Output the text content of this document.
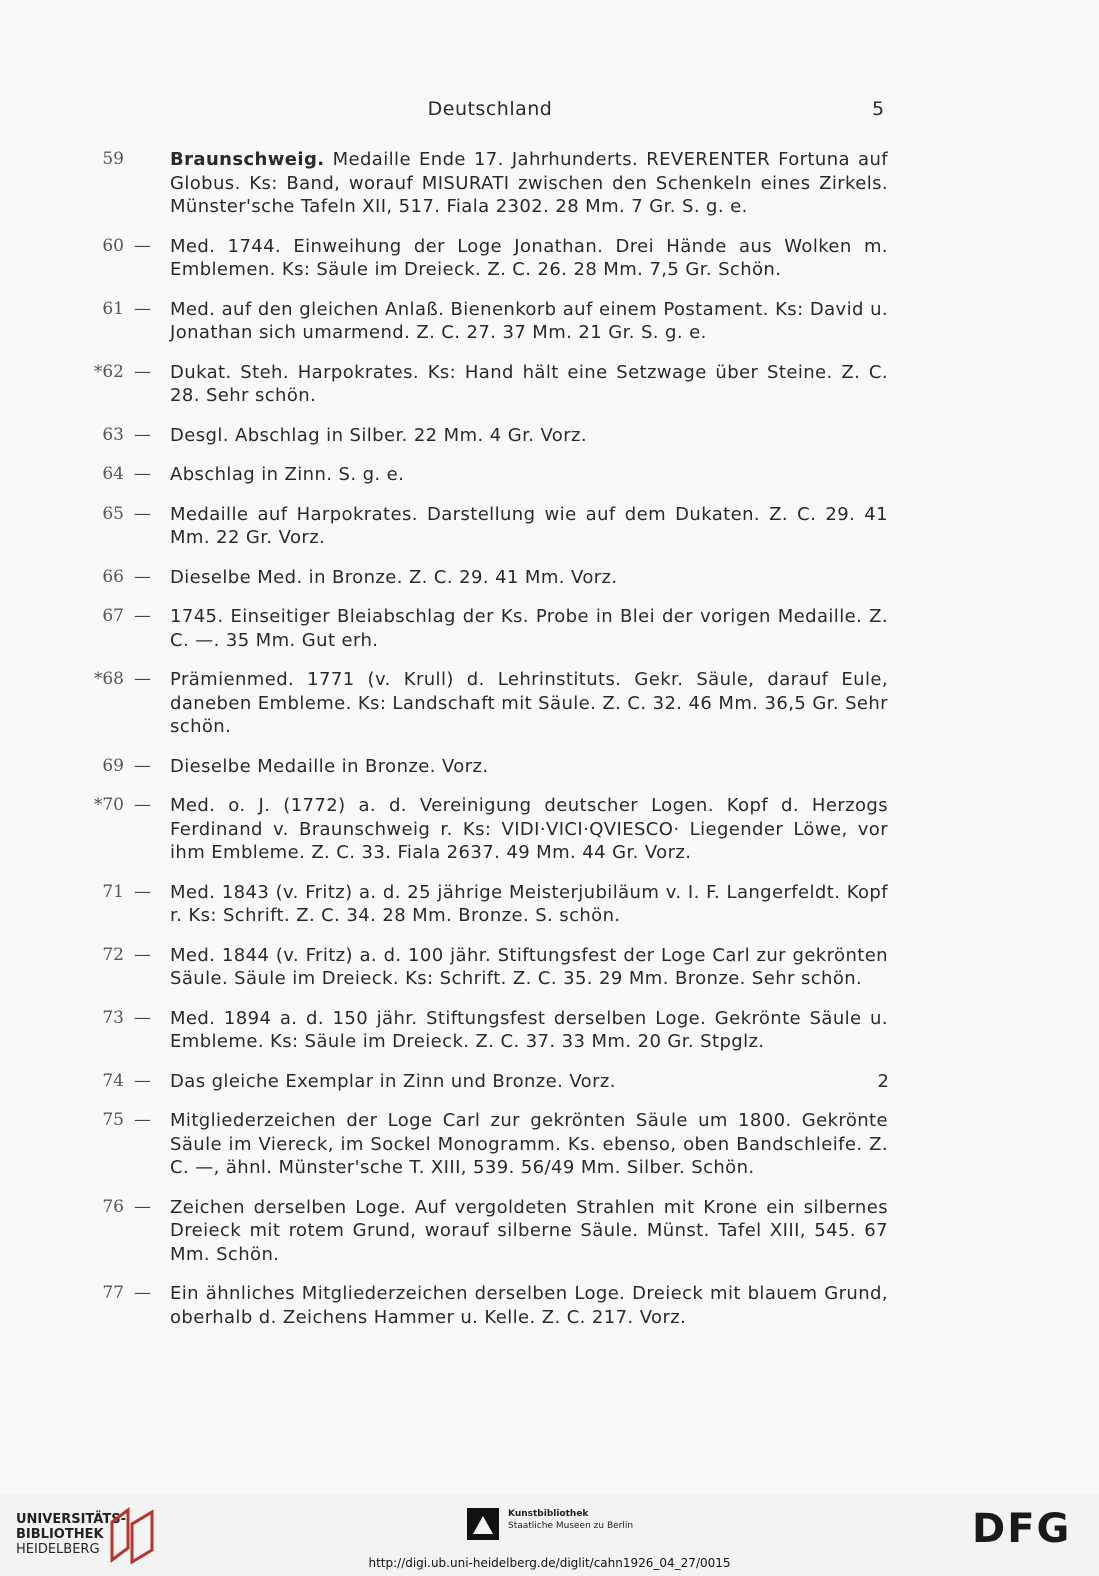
Deutschland	5
59	Braunschweig. Medaille Ende 17. Jahrhunderts. REVERENTER Fortuna auf Globus. Ks: Band, worauf MISURATI zwischen den Schenkeln eines Zirkels. Münster'sche Tafeln XII, 517. Fiala 2302. 28 Mm. 7 Gr. S. g. e.
60 —	Med. 1744. Einweihung der Loge Jonathan. Drei Hände aus Wolken m. Emblemen. Ks: Säule im Dreieck. Z. C. 26. 28 Mm. 7,5 Gr. Schön.
61 —	Med. auf den gleichen Anlaß. Bienenkorb auf einem Postament. Ks: David u. Jonathan sich umarmend. Z. C. 27. 37 Mm. 21 Gr. S. g. e.
*62 —	Dukat. Steh. Harpokrates. Ks: Hand hält eine Setzwage über Steine. Z. C. 28. Sehr schön.
63 —	Desgl. Abschlag in Silber. 22 Mm. 4 Gr. Vorz.
64 —	Abschlag in Zinn. S. g. e.
65 —	Medaille auf Harpokrates. Darstellung wie auf dem Dukaten. Z. C. 29. 41 Mm. 22 Gr. Vorz.
66 —	Dieselbe Med. in Bronze. Z. C. 29. 41 Mm. Vorz.
67 —	1745. Einseitiger Bleiabschlag der Ks. Probe in Blei der vorigen Medaille. Z. C. —. 35 Mm. Gut erh.
*68 —	Prämienmed. 1771 (v. Krull) d. Lehrinstituts. Gekr. Säule, darauf Eule, daneben Embleme. Ks: Landschaft mit Säule. Z. C. 32. 46 Mm. 36,5 Gr. Sehr schön.
69 —	Dieselbe Medaille in Bronze. Vorz.
*70 —	Med. o. J. (1772) a. d. Vereinigung deutscher Logen. Kopf d. Herzogs Ferdinand v. Braunschweig r. Ks: VIDI·VICI·QVIESCO· Liegender Löwe, vor ihm Embleme. Z. C. 33. Fiala 2637. 49 Mm. 44 Gr. Vorz.
71 —	Med. 1843 (v. Fritz) a. d. 25 jährige Meisterjubiläum v. I. F. Langerfeldt. Kopf r. Ks: Schrift. Z. C. 34. 28 Mm. Bronze. S. schön.
72 —	Med. 1844 (v. Fritz) a. d. 100 jähr. Stiftungsfest der Loge Carl zur gekrönten Säule. Säule im Dreieck. Ks: Schrift. Z. C. 35. 29 Mm. Bronze. Sehr schön.
73 —	Med. 1894 a. d. 150 jähr. Stiftungsfest derselben Loge. Gekrönte Säule u. Embleme. Ks: Säule im Dreieck. Z. C. 37. 33 Mm. 20 Gr. Stpglz.
74 —	Das gleiche Exemplar in Zinn und Bronze. Vorz.	2
75 —	Mitgliederzeichen der Loge Carl zur gekrönten Säule um 1800. Gekrönte Säule im Viereck, im Sockel Monogramm. Ks. ebenso, oben Bandschleife. Z. C. —, ähnl. Münster'sche T. XIII, 539. 56/49 Mm. Silber. Schön.
76 —	Zeichen derselben Loge. Auf vergoldeten Strahlen mit Krone ein silbernes Dreieck mit rotem Grund, worauf silberne Säule. Münst. Tafel XIII, 545. 67 Mm. Schön.
77 —	Ein ähnliches Mitgliederzeichen derselben Loge. Dreieck mit blauem Grund, oberhalb d. Zeichens Hammer u. Kelle. Z. C. 217. Vorz.
UNIVERSITÄTS-
BIBLIOTHEK
HEIDELBERG
Kunstbibliothek
Staatliche Museen zu Berlin	DFG
http://digi.ub.uni-heidelberg.de/diglit/cahn1926_04_27/0015
